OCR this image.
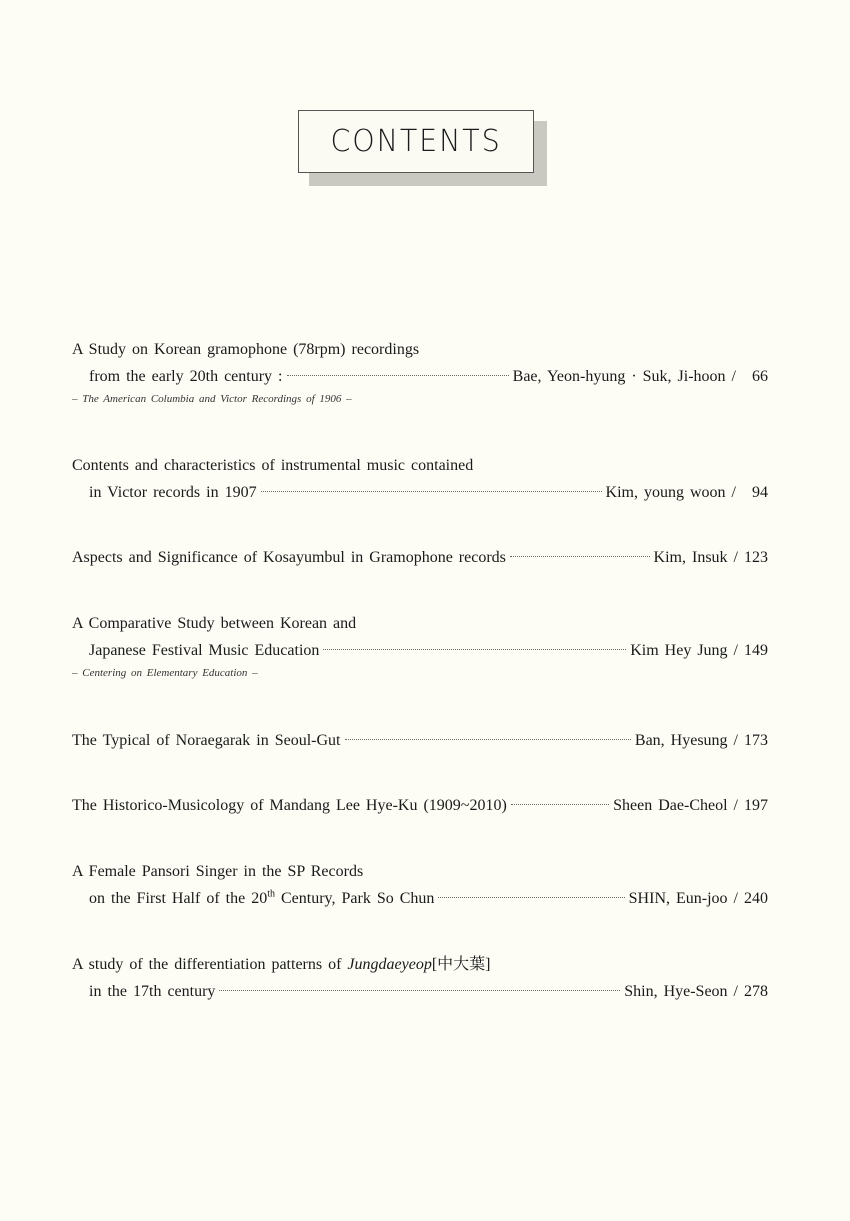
CONTENTS
A Study on Korean gramophone (78rpm) recordings
from the early 20th century :	Bae, Yeon-hyung · Suk, Ji-hoon / 66
– The American Columbia and Victor Recordings of 1906 –
Contents and characteristics of instrumental music contained
in Victor records in 1907	Kim, young woon / 94
Aspects and Significance of Kosayumbul in Gramophone records	Kim, Insuk / 123
A Comparative Study between Korean and
Japanese Festival Music Education	Kim Hey Jung / 149
– Centering on Elementary Education –
The Typical of Noraegarak in Seoul-Gut	Ban, Hyesung / 173
The Historico-Musicology of Mandang Lee Hye-Ku (1909~2010)	Sheen Dae-Cheol / 197
A Female Pansori Singer in the SP Records
on the First Half of the 20th Century, Park So Chun	SHIN, Eun-joo / 240
A study of the differentiation patterns of Jungdaeyeop[中大葉]
in the 17th century	Shin, Hye-Seon / 278
